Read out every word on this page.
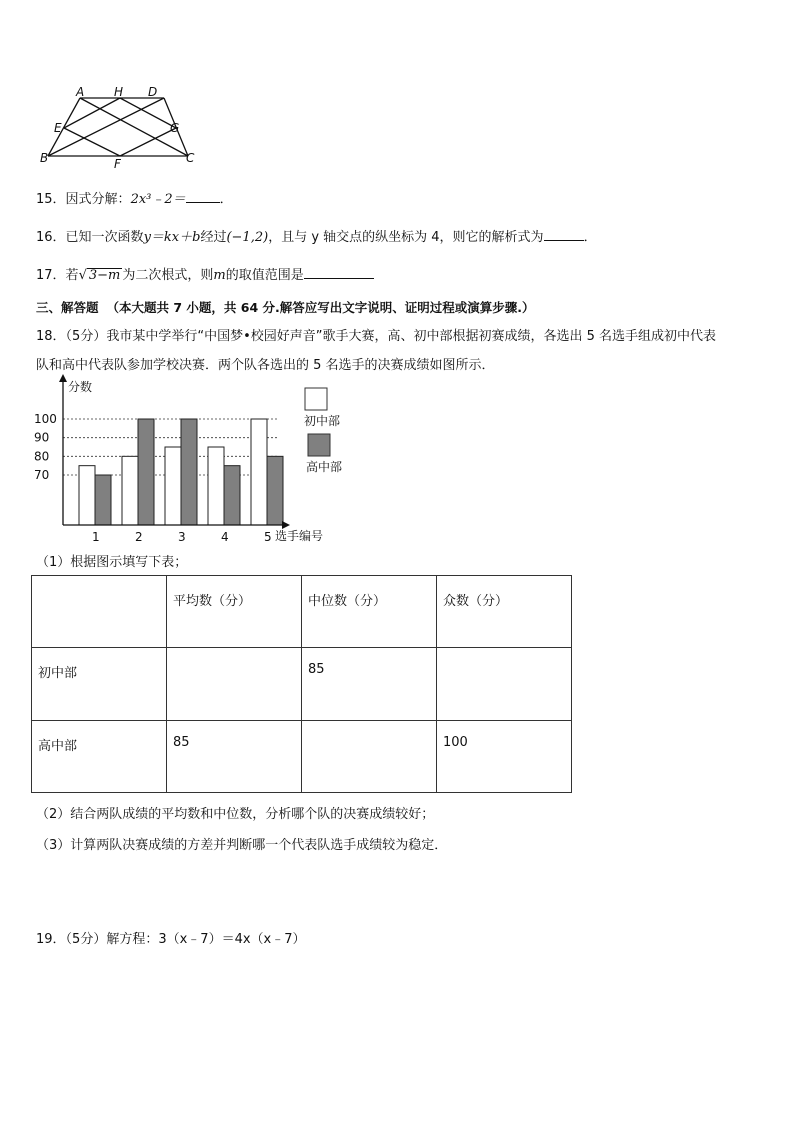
A H D
E	G
B	F	C
15．因式分解：2x³﹣2＝	．
16．已知一次函数y＝kx＋b经过(−1,2)，且与 y 轴交点的纵坐标为 4，则它的解析式为	．
17．若√ 3−m 为二次根式，则m的取值范围是
三、解答题 （本大题共 7 小题，共 64 分.解答应写出文字说明、证明过程或演算步骤.）
18．（5分）我市某中学举行“中国梦•校园好声音”歌手大赛，高、初中部根据初赛成绩，各选出 5 名选手组成初中代表
队和高中代表队参加学校决赛．两个队各选出的 5 名选手的决赛成绩如图所示．
分数
选手编号
70
80
90
100
1	2	3	4	5
初中部
高中部
（1）根据图示填写下表；
	平均数（分）	中位数（分）	众数（分）
初中部		85	
高中部	85		100
（2）结合两队成绩的平均数和中位数，分析哪个队的决赛成绩较好；
（3）计算两队决赛成绩的方差并判断哪一个代表队选手成绩较为稳定．
19．（5分）解方程：3（x﹣7）＝4x（x﹣7）
